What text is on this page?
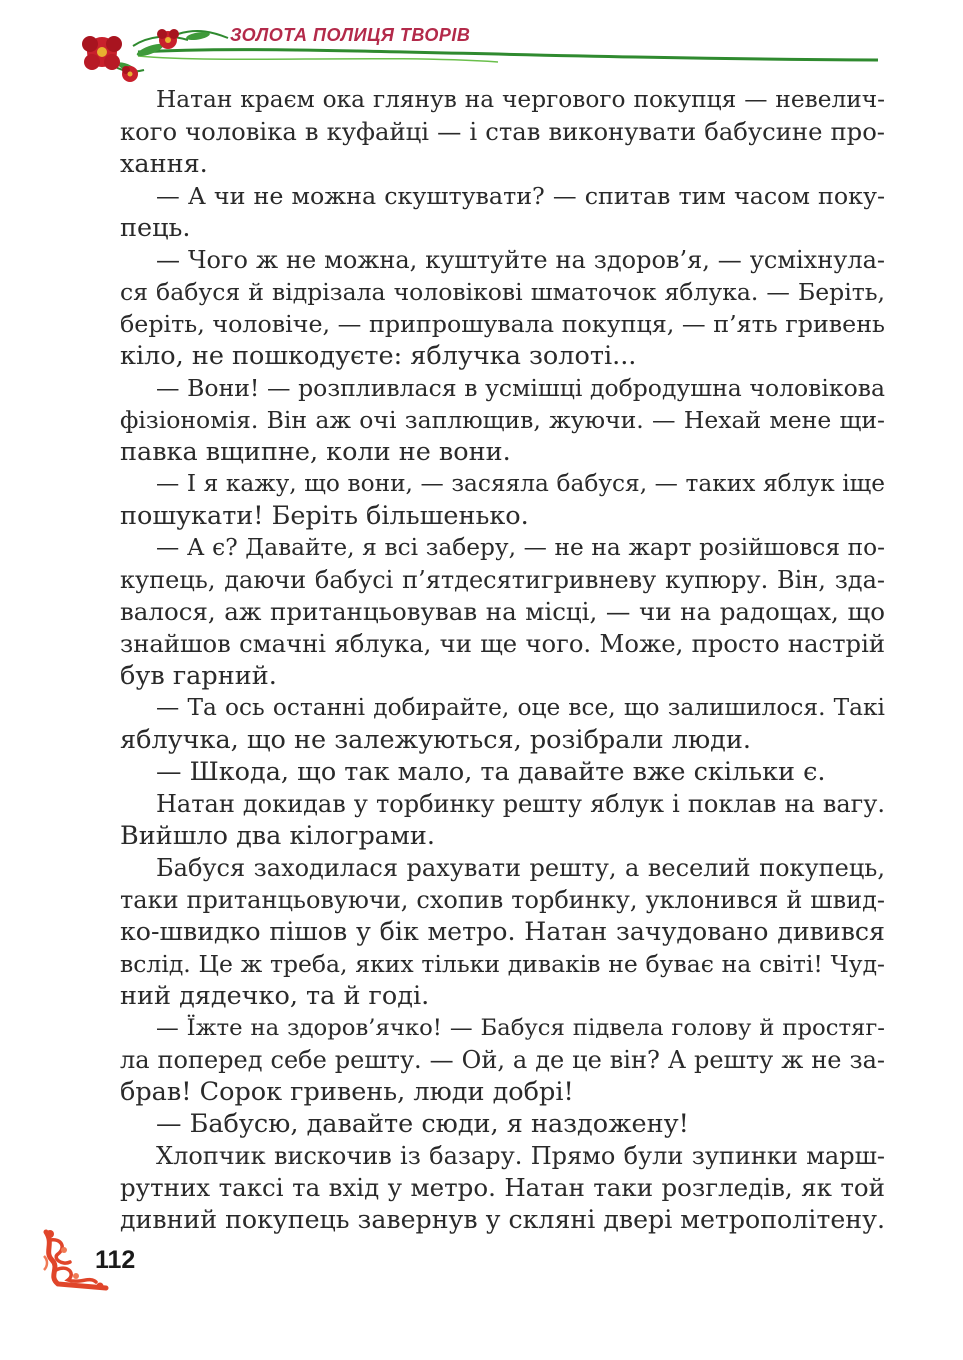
ЗОЛОТА ПОЛИЦЯ ТВОРІВ

Натан краєм ока глянув на чергового покупця — невелич-
кого чоловіка в куфайці — і став виконувати бабусине про-
хання.
— А чи не можна скуштувати? — спитав тим часом поку-
пець.
— Чого ж не можна, куштуйте на здоров’я, — усміхнула-
ся бабуся й відрізала чоловікові шматочок яблука. — Беріть,
беріть, чоловіче, — припрошувала покупця, — п’ять гривень
кіло, не пошкодуєте: яблучка золоті...
— Вони! — розпливлася в усмішці добродушна чоловікова
фізіономія. Він аж очі заплющив, жуючи. — Нехай мене щи-
павка вщипне, коли не вони.
— І я кажу, що вони, — засяяла бабуся, — таких яблук іще
пошукати! Беріть більшенько.
— А є? Давайте, я всі заберу, — не на жарт розійшовся по-
купець, даючи бабусі п’ятдесятигривневу купюру. Він, зда-
валося, аж пританцьовував на місці, — чи на радощах, що
знайшов смачні яблука, чи ще чого. Може, просто настрій
був гарний.
— Та ось останні добирайте, оце все, що залишилося. Такі
яблучка, що не залежуються, розібрали люди.
— Шкода, що так мало, та давайте вже скільки є.
Натан докидав у торбинку решту яблук і поклав на вагу.
Вийшло два кілограми.
Бабуся заходилася рахувати решту, а веселий покупець,
таки пританцьовуючи, схопив торбинку, уклонився й швид-
ко-швидко пішов у бік метро. Натан зачудовано дивився
вслід. Це ж треба, яких тільки диваків не буває на світі! Чуд-
ний дядечко, та й годі.
— Їжте на здоров’ячко! — Бабуся підвела голову й простяг-
ла поперед себе решту. — Ой, а де це він? А решту ж не за-
брав! Сорок гривень, люди добрі!
— Бабусю, давайте сюди, я наздожену!
Хлопчик вискочив із базару. Прямо були зупинки марш-
рутних таксі та вхід у метро. Натан таки розгледів, як той
дивний покупець завернув у скляні двері метрополітену.

112
